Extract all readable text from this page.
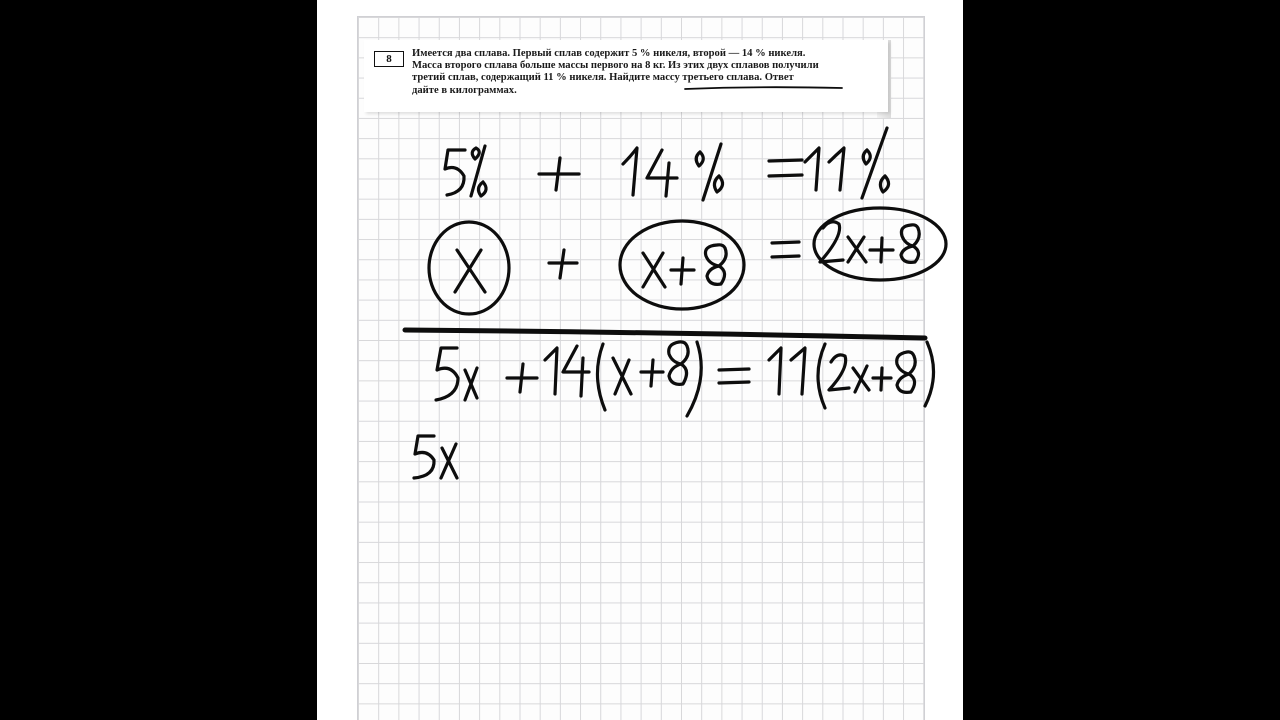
8	Имеется два сплава. Первый сплав содержит 5 % никеля, второй — 14 % никеля.
Масса второго сплава больше массы первого на 8 кг. Из этих двух сплавов получили
третий сплав, содержащий 11 % никеля. Найдите массу третьего сплава. Ответ
дайте в килограммах.
